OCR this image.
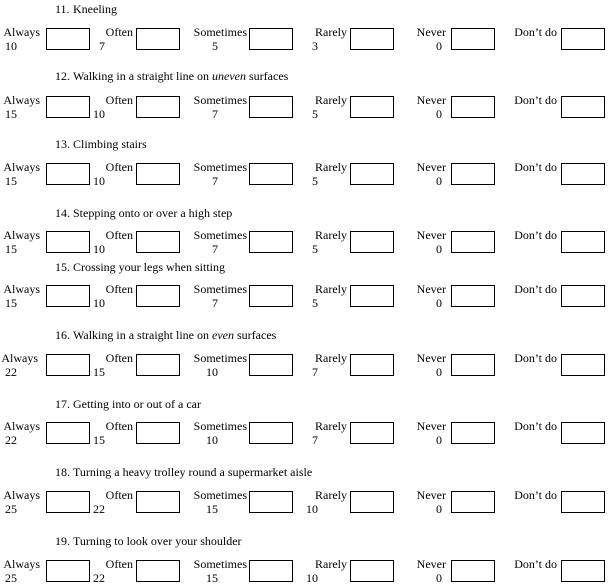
11. Kneeling
Always
10
Often
7
Sometimes
5
Rarely
3
Never
0
Don’t do
12. Walking in a straight line on uneven surfaces
Always
15
Often
10
Sometimes
7
Rarely
5
Never
0
Don’t do
13. Climbing stairs
Always
15
Often
10
Sometimes
7
Rarely
5
Never
0
Don’t do
14. Stepping onto or over a high step
Always
15
Often
10
Sometimes
7
Rarely
5
Never
0
Don’t do
15. Crossing your legs when sitting
Always
15
Often
10
Sometimes
7
Rarely
5
Never
0
Don’t do
16. Walking in a straight line on even surfaces
Always
22
Often
15
Sometimes
10
Rarely
7
Never
0
Don’t do
17. Getting into or out of a car
Always
22
Often
15
Sometimes
10
Rarely
7
Never
0
Don’t do
18. Turning a heavy trolley round a supermarket aisle
Always
25
Often
22
Sometimes
15
Rarely
10
Never
0
Don’t do
19. Turning to look over your shoulder
Always
25
Often
22
Sometimes
15
Rarely
10
Never
0
Don’t do
